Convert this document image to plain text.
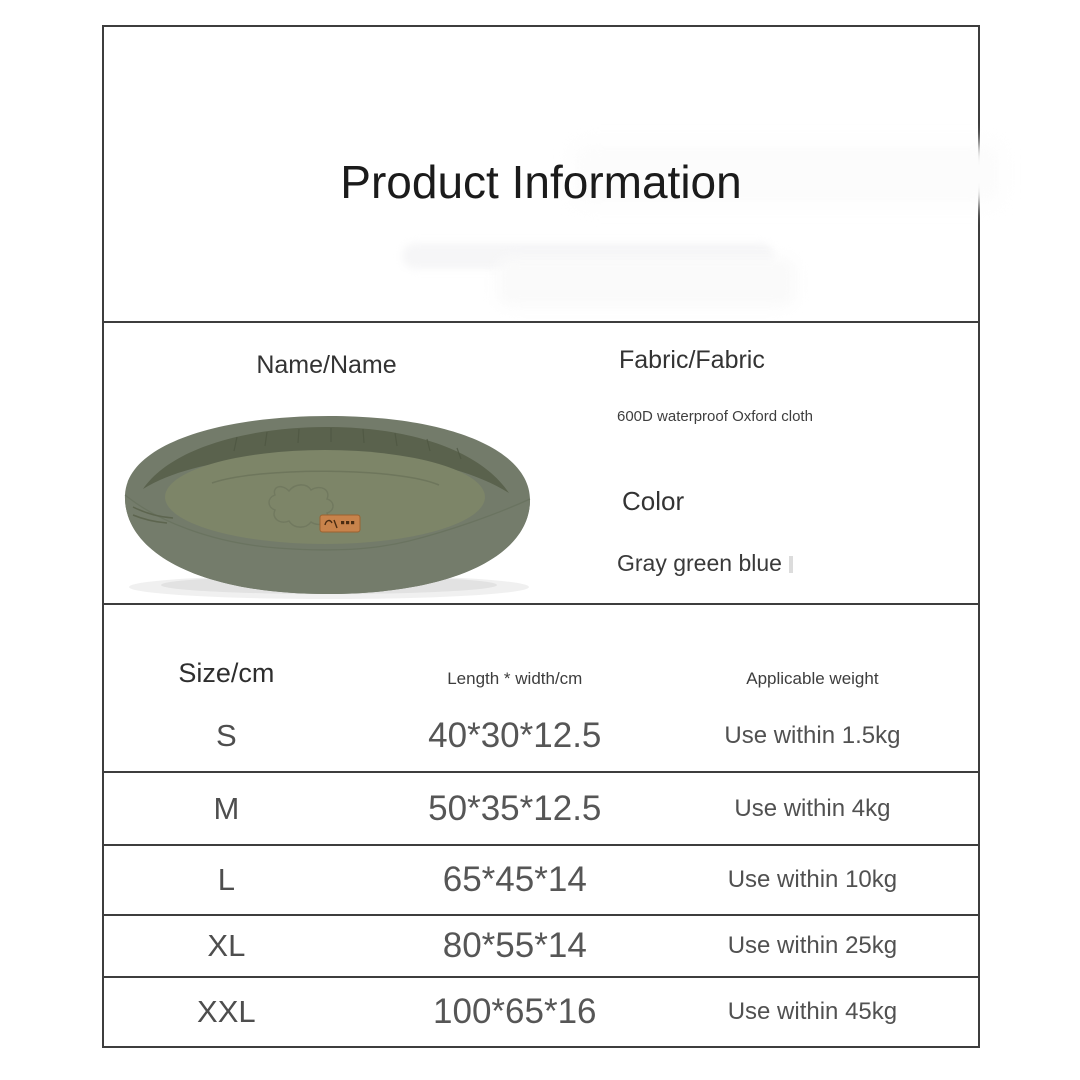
Product Information
Name/Name	Fabric/Fabric
600D waterproof Oxford cloth
Color
Gray green blue
Size/cm	Length * width/cm	Applicable weight
S	40*30*12.5	Use within 1.5kg
M	50*35*12.5	Use within 4kg
L	65*45*14	Use within 10kg
XL	80*55*14	Use within 25kg
XXL	100*65*16	Use within 45kg
